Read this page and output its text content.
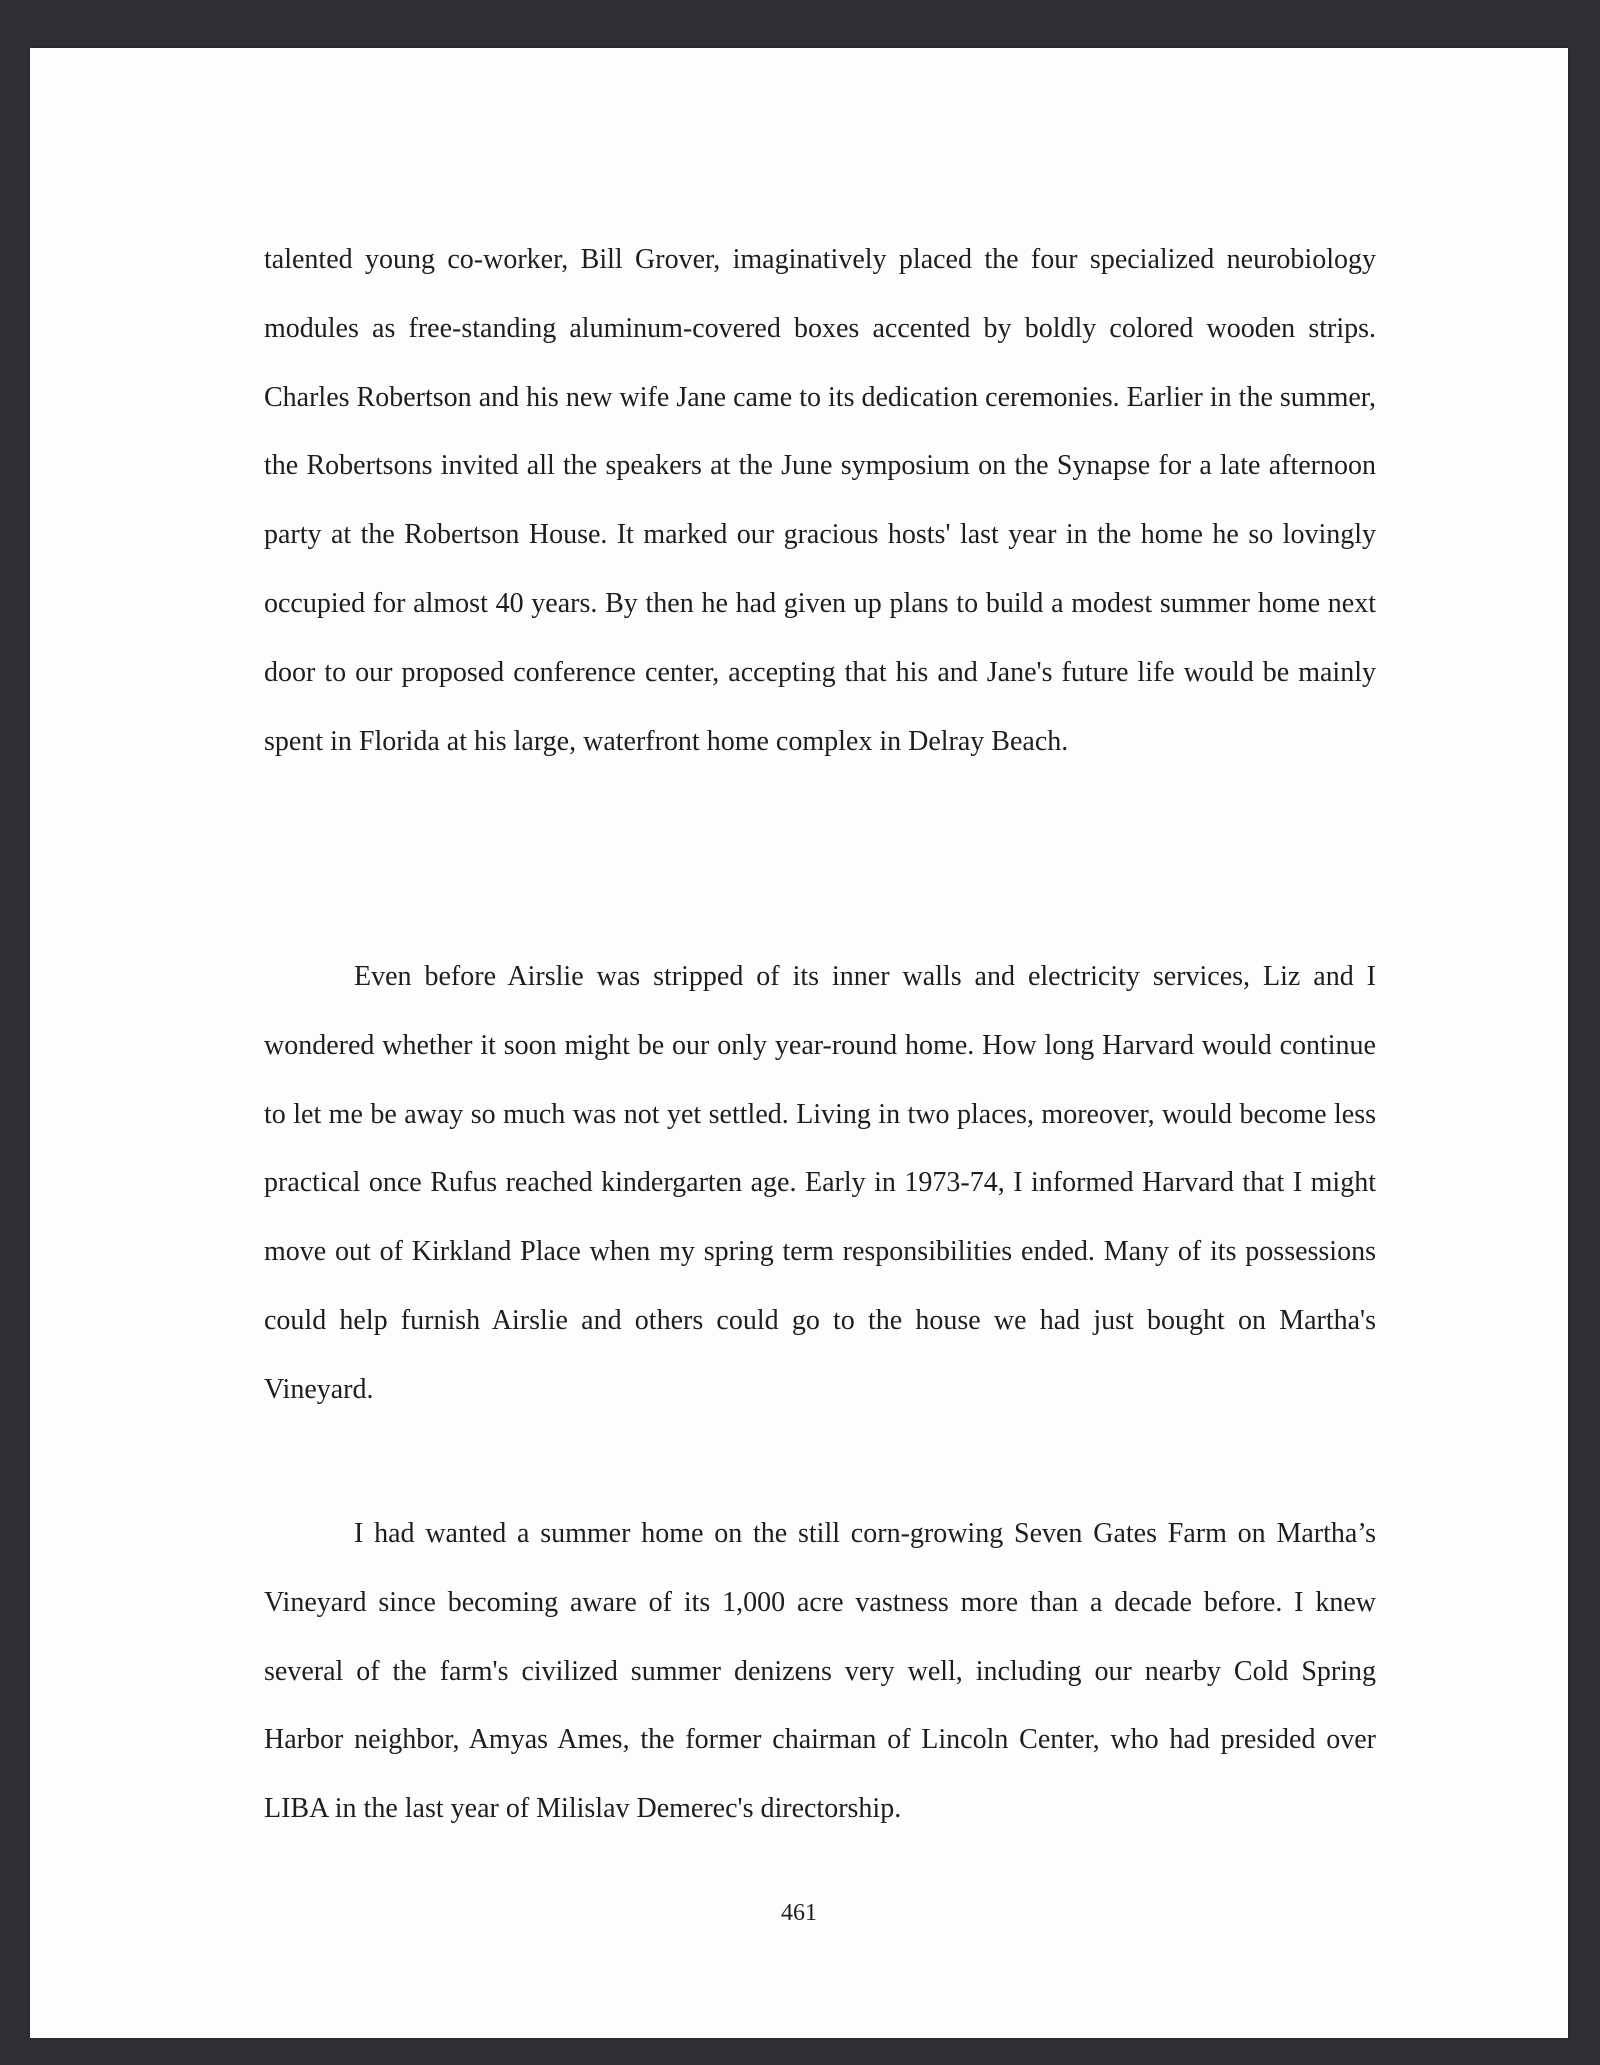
talented young co-worker, Bill Grover, imaginatively placed the four specialized neurobiology modules as free-standing aluminum-covered boxes accented by boldly colored wooden strips. Charles Robertson and his new wife Jane came to its dedication ceremonies. Earlier in the summer, the Robertsons invited all the speakers at the June symposium on the Synapse for a late afternoon party at the Robertson House. It marked our gracious hosts' last year in the home he so lovingly occupied for almost 40 years. By then he had given up plans to build a modest summer home next door to our proposed conference center, accepting that his and Jane's future life would be mainly spent in Florida at his large, waterfront home complex in Delray Beach.

Even before Airslie was stripped of its inner walls and electricity services, Liz and I wondered whether it soon might be our only year-round home. How long Harvard would continue to let me be away so much was not yet settled. Living in two places, moreover, would become less practical once Rufus reached kindergarten age. Early in 1973-74, I informed Harvard that I might move out of Kirkland Place when my spring term responsibilities ended. Many of its possessions could help furnish Airslie and others could go to the house we had just bought on Martha's Vineyard.

I had wanted a summer home on the still corn-growing Seven Gates Farm on Martha’s Vineyard since becoming aware of its 1,000 acre vastness more than a decade before. I knew several of the farm's civilized summer denizens very well, including our nearby Cold Spring Harbor neighbor, Amyas Ames, the former chairman of Lincoln Center, who had presided over LIBA in the last year of Milislav Demerec's directorship.

461
